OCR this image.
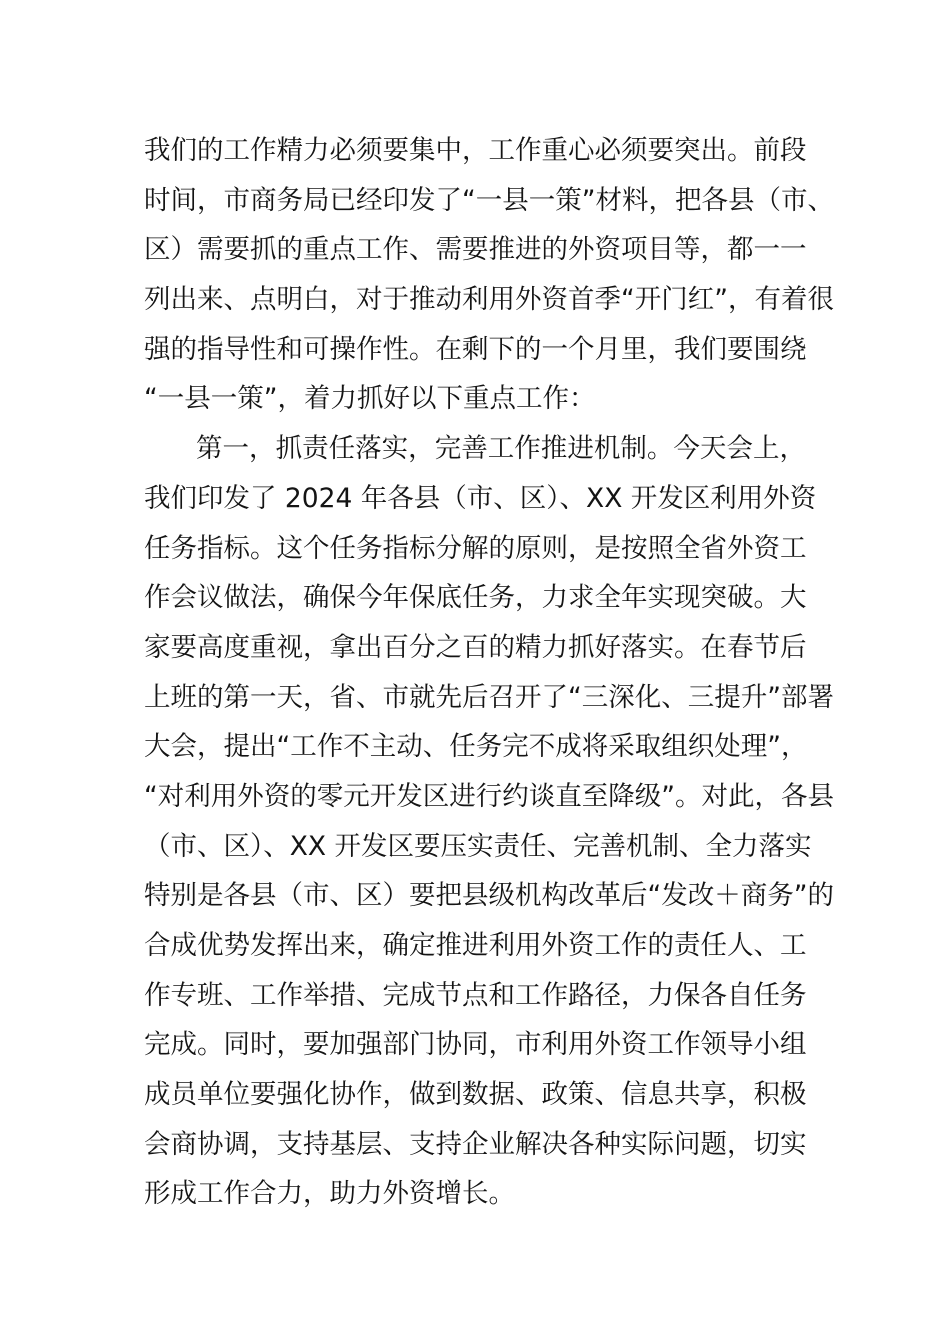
我们的工作精力必须要集中，工作重心必须要突出。前段
时间，市商务局已经印发了“一县一策”材料，把各县（市、
区）需要抓的重点工作、需要推进的外资项目等，都一一
列出来、点明白，对于推动利用外资首季“开门红”，有着很
强的指导性和可操作性。在剩下的一个月里，我们要围绕
“一县一策”，着力抓好以下重点工作：
第一，抓责任落实，完善工作推进机制。今天会上，
我们印发了 2024 年各县（市、区）、XX 开发区利用外资
任务指标。这个任务指标分解的原则，是按照全省外资工
作会议做法，确保今年保底任务，力求全年实现突破。大
家要高度重视，拿出百分之百的精力抓好落实。在春节后
上班的第一天，省、市就先后召开了“三深化、三提升”部署
大会，提出“工作不主动、任务完不成将采取组织处理”，
“对利用外资的零元开发区进行约谈直至降级”。对此，各县
（市、区）、XX 开发区要压实责任、完善机制、全力落实
特别是各县（市、区）要把县级机构改革后“发改＋商务”的
合成优势发挥出来，确定推进利用外资工作的责任人、工
作专班、工作举措、完成节点和工作路径，力保各自任务
完成。同时，要加强部门协同，市利用外资工作领导小组
成员单位要强化协作，做到数据、政策、信息共享，积极
会商协调，支持基层、支持企业解决各种实际问题，切实
形成工作合力，助力外资增长。
